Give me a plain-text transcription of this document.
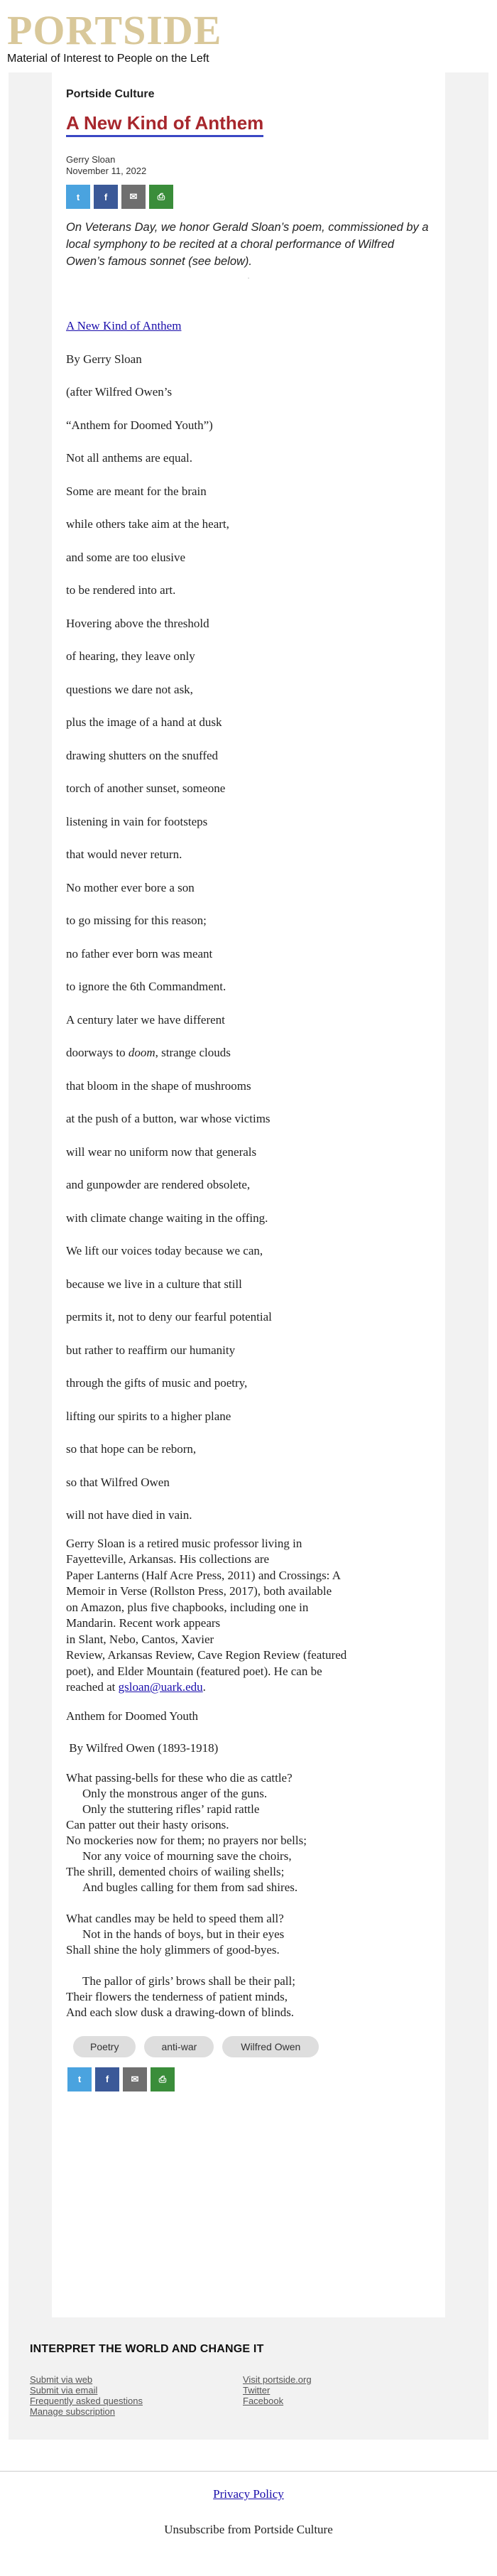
PORTSIDE
Material of Interest to People on the Left
Portside Culture
A New Kind of Anthem
Gerry Sloan
November 11, 2022
t	f	✉	⎙
On Veterans Day, we honor Gerald Sloan’s poem, commissioned by a local symphony to be recited at a choral performance of Wilfred Owen’s famous sonnet (see below).
·
A New Kind of Anthem
By Gerry Sloan
(after Wilfred Owen’s
“Anthem for Doomed Youth”)
Not all anthems are equal.
Some are meant for the brain
while others take aim at the heart,
and some are too elusive
to be rendered into art.
Hovering above the threshold
of hearing, they leave only
questions we dare not ask,
plus the image of a hand at dusk
drawing shutters on the snuffed
torch of another sunset, someone
listening in vain for footsteps
that would never return.
No mother ever bore a son
to go missing for this reason;
no father ever born was meant
to ignore the 6th Commandment.
A century later we have different
doorways to doom, strange clouds
that bloom in the shape of mushrooms
at the push of a button, war whose victims
will wear no uniform now that generals
and gunpowder are rendered obsolete,
with climate change waiting in the offing.
We lift our voices today because we can,
because we live in a culture that still
permits it, not to deny our fearful potential
but rather to reaffirm our humanity
through the gifts of music and poetry,
lifting our spirits to a higher plane
so that hope can be reborn,
so that Wilfred Owen
will not have died in vain.
Gerry Sloan is a retired music professor living in
Fayetteville, Arkansas. His collections are
Paper Lanterns (Half Acre Press, 2011) and Crossings: A
Memoir in Verse (Rollston Press, 2017), both available
on Amazon, plus five chapbooks, including one in
Mandarin. Recent work appears
in Slant, Nebo, Cantos, Xavier
Review, Arkansas Review, Cave Region Review (featured
poet), and Elder Mountain (featured poet). He can be
reached at gsloan@uark.edu.
Anthem for Doomed Youth
By Wilfred Owen (1893-1918)
What passing-bells for these who die as cattle?
Only the monstrous anger of the guns.
Only the stuttering rifles’ rapid rattle
Can patter out their hasty orisons.
No mockeries now for them; no prayers nor bells;
Nor any voice of mourning save the choirs,
The shrill, demented choirs of wailing shells;
And bugles calling for them from sad shires.
What candles may be held to speed them all?
Not in the hands of boys, but in their eyes
Shall shine the holy glimmers of good-byes.
The pallor of girls’ brows shall be their pall;
Their flowers the tenderness of patient minds,
And each slow dusk a drawing-down of blinds.
Poetry	anti-war	Wilfred Owen
t	f	✉	⎙
INTERPRET THE WORLD AND CHANGE IT
Submit via web
Submit via email
Frequently asked questions
Manage subscription
Visit portside.org
Twitter
Facebook
Privacy Policy
Unsubscribe from Portside Culture
